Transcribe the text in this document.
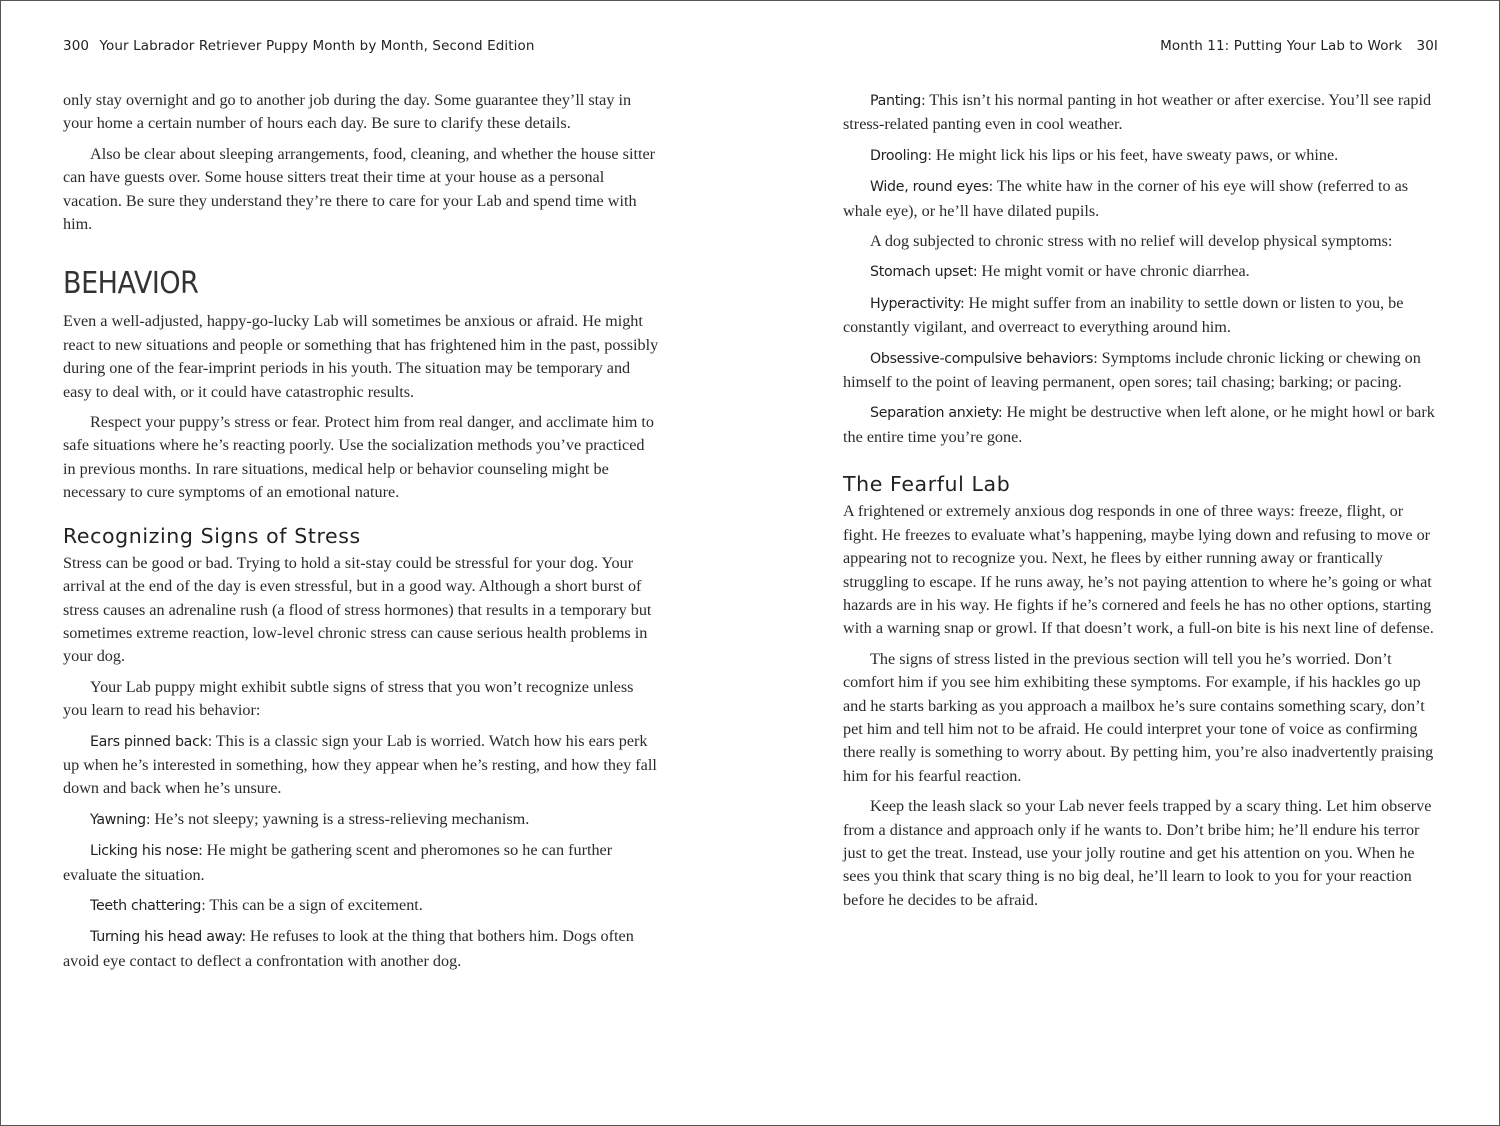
300 Your Labrador Retriever Puppy Month by Month, Second Edition	Month 11: Putting Your Lab to Work 30I

only stay overnight and go to another job during the day. Some guarantee they’ll stay in your home a certain number of hours each day. Be sure to clarify these details.

Also be clear about sleeping arrangements, food, cleaning, and whether the house sitter can have guests over. Some house sitters treat their time at your house as a personal vacation. Be sure they understand they’re there to care for your Lab and spend time with him.

BEHAVIOR

Even a well-adjusted, happy-go-lucky Lab will sometimes be anxious or afraid. He might react to new situations and people or something that has frightened him in the past, possibly during one of the fear-imprint periods in his youth. The situation may be temporary and easy to deal with, or it could have catastrophic results.

Respect your puppy’s stress or fear. Protect him from real danger, and acclimate him to safe situations where he’s reacting poorly. Use the socialization methods you’ve practiced in previous months. In rare situations, medical help or behavior counseling might be necessary to cure symptoms of an emotional nature.

Recognizing Signs of Stress

Stress can be good or bad. Trying to hold a sit-stay could be stressful for your dog. Your arrival at the end of the day is even stressful, but in a good way. Although a short burst of stress causes an adrenaline rush (a flood of stress hormones) that results in a temporary but sometimes extreme reaction, low-level chronic stress can cause serious health problems in your dog.

Your Lab puppy might exhibit subtle signs of stress that you won’t recognize unless you learn to read his behavior:

Ears pinned back: This is a classic sign your Lab is worried. Watch how his ears perk up when he’s interested in something, how they appear when he’s resting, and how they fall down and back when he’s unsure.

Yawning: He’s not sleepy; yawning is a stress-relieving mechanism.

Licking his nose: He might be gathering scent and pheromones so he can further evaluate the situation.

Teeth chattering: This can be a sign of excitement.

Turning his head away: He refuses to look at the thing that bothers him. Dogs often avoid eye contact to deflect a confrontation with another dog.

Panting: This isn’t his normal panting in hot weather or after exercise. You’ll see rapid stress-related panting even in cool weather.

Drooling: He might lick his lips or his feet, have sweaty paws, or whine.

Wide, round eyes: The white haw in the corner of his eye will show (referred to as whale eye), or he’ll have dilated pupils.

A dog subjected to chronic stress with no relief will develop physical symptoms:

Stomach upset: He might vomit or have chronic diarrhea.

Hyperactivity: He might suffer from an inability to settle down or listen to you, be constantly vigilant, and overreact to everything around him.

Obsessive-compulsive behaviors: Symptoms include chronic licking or chewing on himself to the point of leaving permanent, open sores; tail chasing; barking; or pacing.

Separation anxiety: He might be destructive when left alone, or he might howl or bark the entire time you’re gone.

The Fearful Lab

A frightened or extremely anxious dog responds in one of three ways: freeze, flight, or fight. He freezes to evaluate what’s happening, maybe lying down and refusing to move or appearing not to recognize you. Next, he flees by either running away or frantically struggling to escape. If he runs away, he’s not paying attention to where he’s going or what hazards are in his way. He fights if he’s cornered and feels he has no other options, starting with a warning snap or growl. If that doesn’t work, a full-on bite is his next line of defense.

The signs of stress listed in the previous section will tell you he’s worried. Don’t comfort him if you see him exhibiting these symptoms. For example, if his hackles go up and he starts barking as you approach a mailbox he’s sure contains something scary, don’t pet him and tell him not to be afraid. He could interpret your tone of voice as confirming there really is something to worry about. By petting him, you’re also inadvertently praising him for his fearful reaction.

Keep the leash slack so your Lab never feels trapped by a scary thing. Let him observe from a distance and approach only if he wants to. Don’t bribe him; he’ll endure his terror just to get the treat. Instead, use your jolly routine and get his attention on you. When he sees you think that scary thing is no big deal, he’ll learn to look to you for your reaction before he decides to be afraid.
